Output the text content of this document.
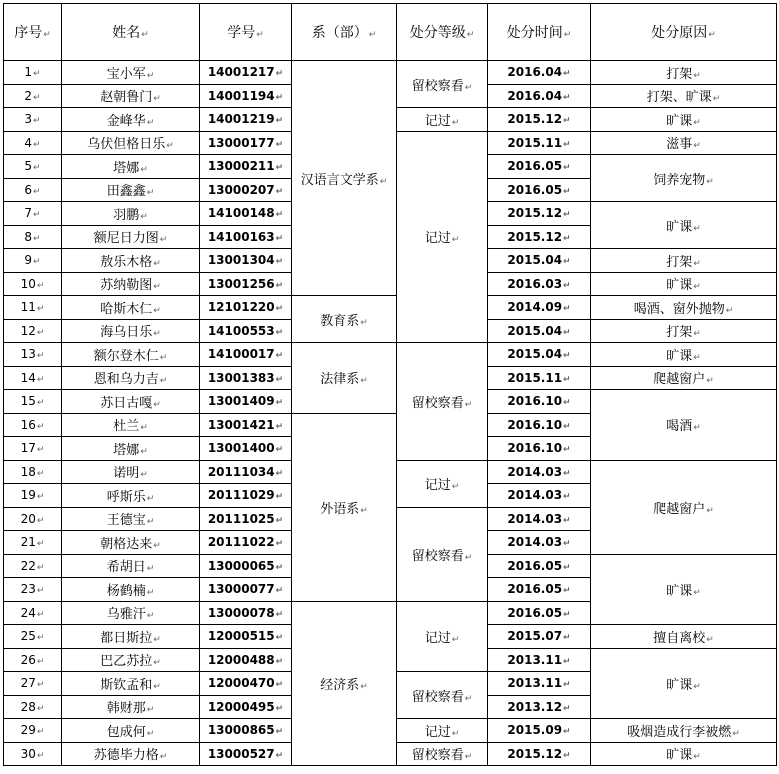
序号↵	姓名↵	学号↵	系（部）↵	处分等级↵	处分时间↵	处分原因↵
1↵	宝小军↵	14001217↵	汉语言文学系↵	留校察看↵	2016.04↵	打架↵
2↵	赵朝鲁门↵	14001194↵			2016.04↵	打架、旷课↵
3↵	金峰华↵	14001219↵		记过↵	2015.12↵	旷课↵
4↵	乌伏但格日乐↵	13000177↵		记过↵	2015.11↵	滋事↵
5↵	塔娜↵	13000211↵			2016.05↵	饲养宠物↵
6↵	田鑫鑫↵	13000207↵			2016.05↵	
7↵	羽鹏↵	14100148↵			2015.12↵	旷课↵
8↵	额尼日力图↵	14100163↵			2015.12↵	
9↵	敖乐木格↵	13001304↵			2015.04↵	打架↵
10↵	苏纳勒图↵	13001256↵			2016.03↵	旷课↵
11↵	哈斯木仁↵	12101220↵	教育系↵		2014.09↵	喝酒、窗外抛物↵
12↵	海乌日乐↵	14100553↵			2015.04↵	打架↵
13↵	额尔登木仁↵	14100017↵	法律系↵	留校察看↵	2015.04↵	旷课↵
14↵	恩和乌力吉↵	13001383↵			2015.11↵	爬越窗户↵
15↵	苏日古嘎↵	13001409↵			2016.10↵	喝酒↵
16↵	杜兰↵	13001421↵	外语系↵		2016.10↵	
17↵	塔娜↵	13001400↵			2016.10↵	
18↵	诺明↵	20111034↵		记过↵	2014.03↵	爬越窗户↵
19↵	呼斯乐↵	20111029↵			2014.03↵	
20↵	王德宝↵	20111025↵		留校察看↵	2014.03↵	
21↵	朝格达来↵	20111022↵			2014.03↵	
22↵	希胡日↵	13000065↵			2016.05↵	旷课↵
23↵	杨鹤楠↵	13000077↵			2016.05↵	
24↵	乌雅汗↵	13000078↵	经济系↵	记过↵	2016.05↵	
25↵	都日斯拉↵	12000515↵			2015.07↵	擅自离校↵
26↵	巴乙苏拉↵	12000488↵			2013.11↵	旷课↵
27↵	斯钦孟和↵	12000470↵		留校察看↵	2013.11↵	
28↵	韩财那↵	12000495↵			2013.12↵	
29↵	包成何↵	13000865↵		记过↵	2015.09↵	吸烟造成行李被燃↵
30↵	苏德毕力格↵	13000527↵		留校察看↵	2015.12↵	旷课↵
